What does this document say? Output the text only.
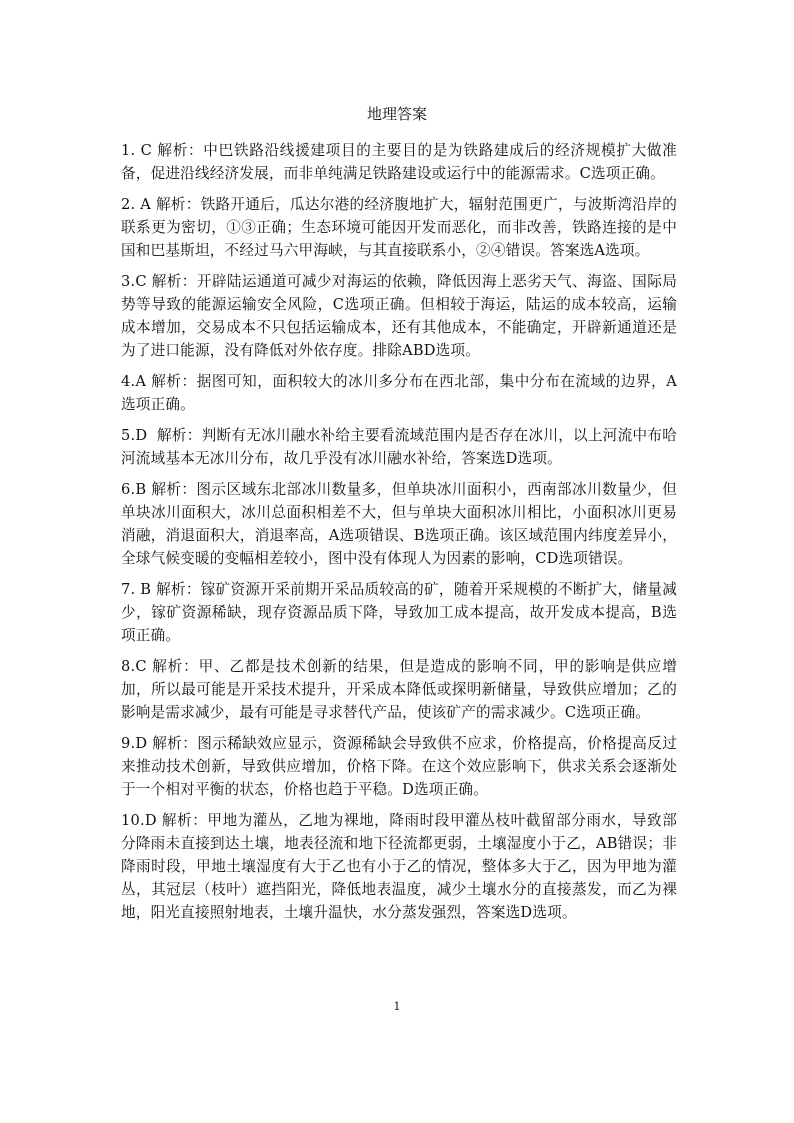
地理答案

1. C 解析：中巴铁路沿线援建项目的主要目的是为铁路建成后的经济规模扩大做准备，促进沿线经济发展，而非单纯满足铁路建设或运行中的能源需求。C选项正确。

2. A 解析：铁路开通后，瓜达尔港的经济腹地扩大，辐射范围更广，与波斯湾沿岸的联系更为密切，①③正确；生态环境可能因开发而恶化，而非改善，铁路连接的是中国和巴基斯坦，不经过马六甲海峡，与其直接联系小，②④错误。答案选A选项。

3.C 解析：开辟陆运通道可减少对海运的依赖，降低因海上恶劣天气、海盗、国际局势等导致的能源运输安全风险，C选项正确。但相较于海运，陆运的成本较高，运输成本增加，交易成本不只包括运输成本，还有其他成本，不能确定，开辟新通道还是为了进口能源，没有降低对外依存度。排除ABD选项。

4.A 解析：据图可知，面积较大的冰川多分布在西北部，集中分布在流域的边界，A选项正确。

5.D  解析：判断有无冰川融水补给主要看流域范围内是否存在冰川，以上河流中布哈河流域基本无冰川分布，故几乎没有冰川融水补给，答案选D选项。

6.B 解析：图示区域东北部冰川数量多，但单块冰川面积小，西南部冰川数量少，但单块冰川面积大，冰川总面积相差不大，但与单块大面积冰川相比，小面积冰川更易消融，消退面积大，消退率高，A选项错误、B选项正确。该区域范围内纬度差异小，全球气候变暖的变幅相差较小，图中没有体现人为因素的影响，CD选项错误。

7. B 解析：镓矿资源开采前期开采品质较高的矿，随着开采规模的不断扩大，储量减少，镓矿资源稀缺，现存资源品质下降，导致加工成本提高，故开发成本提高，B选项正确。

8.C 解析：甲、乙都是技术创新的结果，但是造成的影响不同，甲的影响是供应增加，所以最可能是开采技术提升，开采成本降低或探明新储量，导致供应增加；乙的影响是需求减少，最有可能是寻求替代产品，使该矿产的需求减少。C选项正确。

9.D 解析：图示稀缺效应显示，资源稀缺会导致供不应求，价格提高，价格提高反过来推动技术创新，导致供应增加，价格下降。在这个效应影响下，供求关系会逐渐处于一个相对平衡的状态，价格也趋于平稳。D选项正确。

10.D 解析：甲地为灌丛，乙地为裸地，降雨时段甲灌丛枝叶截留部分雨水，导致部分降雨未直接到达土壤，地表径流和地下径流都更弱，土壤湿度小于乙，AB错误；非降雨时段，甲地土壤湿度有大于乙也有小于乙的情况，整体多大于乙，因为甲地为灌丛，其冠层（枝叶）遮挡阳光，降低地表温度，减少土壤水分的直接蒸发，而乙为裸地，阳光直接照射地表，土壤升温快，水分蒸发强烈，答案选D选项。

1
